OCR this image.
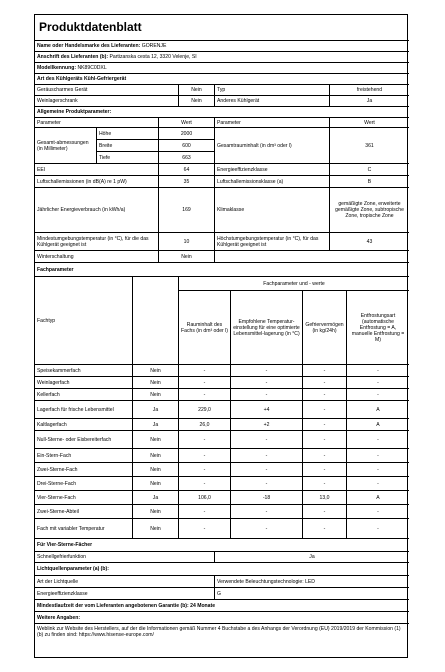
Produktdatenblatt
Name oder Handelsmarke des Lieferanten:
GORENJE
Anschrift des Lieferanten (b):
Partizanska cesta 12, 3320 Velenje, SI
Modellkennung:
NK89C0DXL
Art des Kühlgeräts Kühl-Gefriergerät
Geräuscharmes Gerät	Nein	Typ	freistehend
Weinlagerschrank	Nein	Anderes Kühlgerät	Ja
Allgemeine Produktparameter:
Parameter	Wert	Parameter	Wert
Gesamt-abmessungen (in Millimeter)
Höhe	2000
Breite	600
Tiefe	663
Gesamtrauminhalt (in dm³ oder l)	361
EEI	64	Energieeffizienzklasse	C
Luftschallemissionen (in dB(A) re 1 pW)	35	Luftschallemissionsklasse (a)	B
Jährlicher Energieverbrauch (in kWh/a)	169	Klimaklasse
gemäßigte Zone, erweiterte gemäßigte Zone, subtropische Zone, tropische Zone
Mindestumgebungstemperatur (in °C), für die das Kühlgerät geeignet ist	10	Höchstumgebungstemperatur (in °C), für das Kühlgerät geeignet ist	43
Winterschaltung	Nein
Fachparameter
Fachtyp
Fachparameter und - werte
Rauminhalt des Fachs (in dm³ oder l)
Empfohlene Temperatur-einstellung für eine optimierte Lebensmittel-lagerung (in °C)
Gefriervermögen (in kg/24h)
Entfrostungsart (automatische Entfrostung = A, manuelle Entfrostung = M)
Speisekammerfach	Nein	-	-	-	-
Weinlagerfach	Nein	-	-	-	-
Kellerfach	Nein	-	-	-	-
Lagerfach für frische Lebensmittel	Ja	229,0	+4	-	A
Kaltlagerfach	Ja	26,0	+2	-	A
Null-Sterne- oder Eisbereiterfach	Nein	-	-	-	-
Ein-Stern-Fach	Nein	-	-	-	-
Zwei-Sterne-Fach	Nein	-	-	-	-
Drei-Sterne-Fach	Nein	-	-	-	-
Vier-Sterne-Fach	Ja	106,0	-18	13,0	A
Zwei-Sterne-Abteil	Nein	-	-	-	-
Fach mit variabler Temperatur	Nein	-	-	-	-
Für Vier-Sterne-Fächer
Schnellgefrierfunktion	Ja
Lichtquellenparameter (a) (b):
Art der Lichtquelle	Verwendete Beleuchtungstechnologie: LED
Energieeffizienzklasse	G
Mindestlaufzeit der vom Lieferanten angebotenen Garantie (b):
24 Monate
Weitere Angaben:
Weblink zur Website des Herstellers, auf der die Informationen gemäß Nummer 4 Buchstabe a des Anhangs der Verordnung (EU) 2019/2019 der Kommission (1) (b) zu finden sind: https://www.hisense-europe.com/
